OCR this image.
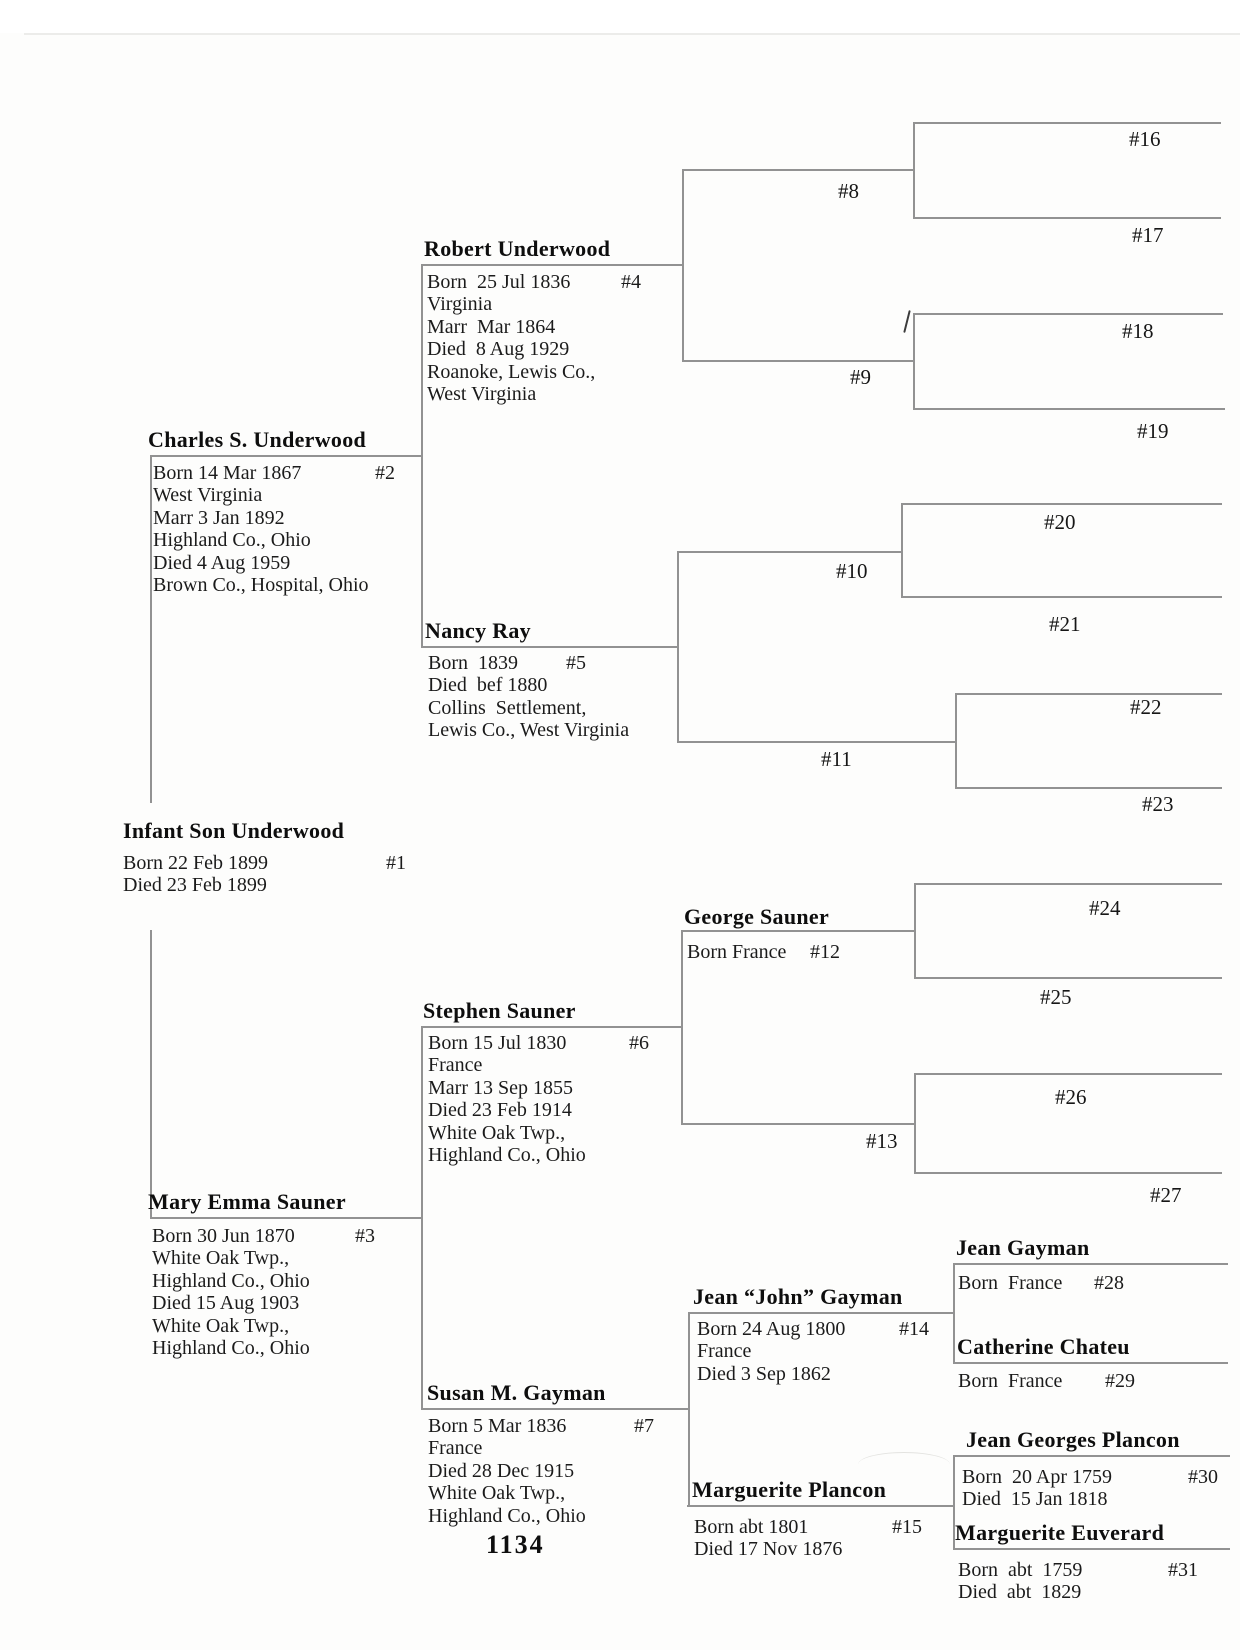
Infant Son Underwood
Born 22 Feb 1899	#1
Died 23 Feb 1899
Charles S. Underwood
Born 14 Mar 1867	#2
West Virginia
Marr 3 Jan 1892
Highland Co., Ohio
Died 4 Aug 1959
Brown Co., Hospital, Ohio
Mary Emma Sauner
Born 30 Jun 1870	#3
White Oak Twp.,
Highland Co., Ohio
Died 15 Aug 1903
White Oak Twp.,
Highland Co., Ohio
Robert Underwood
Born  25 Jul 1836	#4
Virginia
Marr  Mar 1864
Died  8 Aug 1929
Roanoke, Lewis Co.,
West Virginia
Nancy Ray
Born  1839 #5
Died  bef 1880
Collins  Settlement,
Lewis Co., West Virginia
Stephen Sauner
Born 15 Jul 1830	#6
France
Marr 13 Sep 1855
Died 23 Feb 1914
White Oak Twp.,
Highland Co., Ohio
Susan M. Gayman
Born 5 Mar 1836	#7
France
Died 28 Dec 1915
White Oak Twp.,
Highland Co., Ohio
George Sauner
Born France #12
Jean “John” Gayman
Born 24 Aug 1800	#14
France
Died 3 Sep 1862
Marguerite Plancon
Born abt 1801	#15
Died 17 Nov 1876
Jean Gayman
Born  France #28
Catherine Chateu
Born  France #29
Jean Georges Plancon
Born  20 Apr 1759	#30
Died  15 Jan 1818
Marguerite Euverard
Born  abt  1759	#31
Died  abt  1829
#8
#9
#10
#11
#13
#16
#17
#18
#19
#20
#21
#22
#23
#24
#25
#26
#27
1134
